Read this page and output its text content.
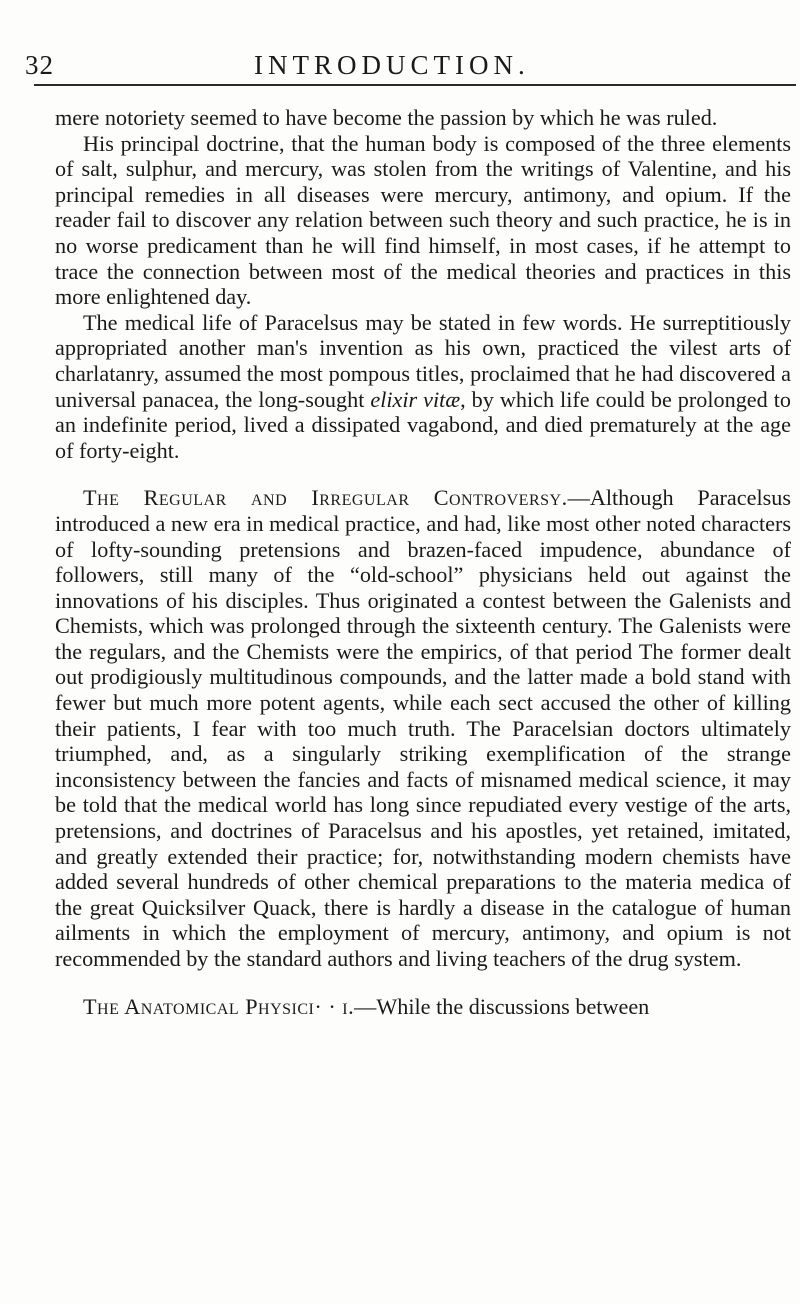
32	INTRODUCTION.

mere notoriety seemed to have become the passion by which he was ruled.

His principal doctrine, that the human body is composed of the three elements of salt, sulphur, and mercury, was stolen from the writings of Valentine, and his principal remedies in all diseases were mercury, antimony, and opium. If the reader fail to discover any relation between such theory and such practice, he is in no worse predicament than he will find himself, in most cases, if he attempt to trace the connection between most of the medical theories and practices in this more enlightened day.

The medical life of Paracelsus may be stated in few words. He surreptitiously appropriated another man's invention as his own, practiced the vilest arts of charlatanry, assumed the most pompous titles, proclaimed that he had discovered a universal panacea, the long-sought elixir vitæ, by which life could be prolonged to an indefinite period, lived a dissipated vagabond, and died prematurely at the age of forty-eight.

The Regular and Irregular Controversy.—Although Paracelsus introduced a new era in medical practice, and had, like most other noted characters of lofty-sounding pretensions and brazen-faced impudence, abundance of followers, still many of the “old-school” physicians held out against the innovations of his disciples. Thus originated a contest between the Galenists and Chemists, which was prolonged through the sixteenth century. The Galenists were the regulars, and the Chemists were the empirics, of that period The former dealt out prodigiously multitudinous compounds, and the latter made a bold stand with fewer but much more potent agents, while each sect accused the other of killing their patients, I fear with too much truth. The Paracelsian doctors ultimately triumphed, and, as a singularly striking exemplification of the strange inconsistency between the fancies and facts of misnamed medical science, it may be told that the medical world has long since repudiated every vestige of the arts, pretensions, and doctrines of Paracelsus and his apostles, yet retained, imitated, and greatly extended their practice; for, notwithstanding modern chemists have added several hundreds of other chemical preparations to the materia medica of the great Quicksilver Quack, there is hardly a disease in the catalogue of human ailments in which the employment of mercury, antimony, and opium is not recommended by the standard authors and living teachers of the drug system.

The Anatomical Physici· · ı.—While the discussions between
